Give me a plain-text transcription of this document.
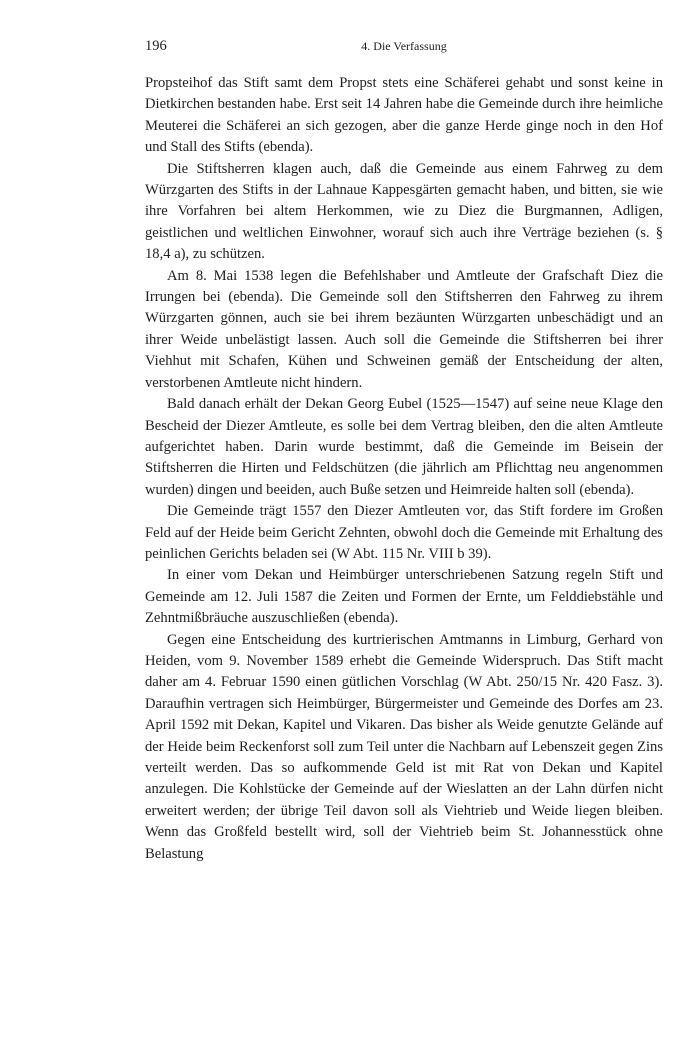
196	4. Die Verfassung

Propsteihof das Stift samt dem Propst stets eine Schäferei gehabt und sonst keine in Dietkirchen bestanden habe. Erst seit 14 Jahren habe die Gemeinde durch ihre heimliche Meuterei die Schäferei an sich gezogen, aber die ganze Herde ginge noch in den Hof und Stall des Stifts (ebenda).

Die Stiftsherren klagen auch, daß die Gemeinde aus einem Fahrweg zu dem Würzgarten des Stifts in der Lahnaue Kappesgärten gemacht haben, und bitten, sie wie ihre Vorfahren bei altem Herkommen, wie zu Diez die Burgmannen, Adligen, geistlichen und weltlichen Einwohner, worauf sich auch ihre Verträge beziehen (s. § 18,4 a), zu schützen.

Am 8. Mai 1538 legen die Befehlshaber und Amtleute der Grafschaft Diez die Irrungen bei (ebenda). Die Gemeinde soll den Stiftsherren den Fahrweg zu ihrem Würzgarten gönnen, auch sie bei ihrem bezäunten Würzgarten unbeschädigt und an ihrer Weide unbelästigt lassen. Auch soll die Gemeinde die Stiftsherren bei ihrer Viehhut mit Schafen, Kühen und Schweinen gemäß der Entscheidung der alten, verstorbenen Amtleute nicht hindern.

Bald danach erhält der Dekan Georg Eubel (1525—1547) auf seine neue Klage den Bescheid der Diezer Amtleute, es solle bei dem Vertrag bleiben, den die alten Amtleute aufgerichtet haben. Darin wurde bestimmt, daß die Gemeinde im Beisein der Stiftsherren die Hirten und Feldschützen (die jährlich am Pflichttag neu angenommen wurden) dingen und beeiden, auch Buße setzen und Heimreide halten soll (ebenda).

Die Gemeinde trägt 1557 den Diezer Amtleuten vor, das Stift fordere im Großen Feld auf der Heide beim Gericht Zehnten, obwohl doch die Gemeinde mit Erhaltung des peinlichen Gerichts beladen sei (W Abt. 115 Nr. VIII b 39).

In einer vom Dekan und Heimbürger unterschriebenen Satzung regeln Stift und Gemeinde am 12. Juli 1587 die Zeiten und Formen der Ernte, um Felddiebstähle und Zehntmißbräuche auszuschließen (ebenda).

Gegen eine Entscheidung des kurtrierischen Amtmanns in Limburg, Gerhard von Heiden, vom 9. November 1589 erhebt die Gemeinde Widerspruch. Das Stift macht daher am 4. Februar 1590 einen gütlichen Vorschlag (W Abt. 250/15 Nr. 420 Fasz. 3). Daraufhin vertragen sich Heimbürger, Bürgermeister und Gemeinde des Dorfes am 23. April 1592 mit Dekan, Kapitel und Vikaren. Das bisher als Weide genutzte Gelände auf der Heide beim Reckenforst soll zum Teil unter die Nachbarn auf Lebenszeit gegen Zins verteilt werden. Das so aufkommende Geld ist mit Rat von Dekan und Kapitel anzulegen. Die Kohlstücke der Gemeinde auf der Wieslatten an der Lahn dürfen nicht erweitert werden; der übrige Teil davon soll als Viehtrieb und Weide liegen bleiben. Wenn das Großfeld bestellt wird, soll der Viehtrieb beim St. Johannesstück ohne Belastung
